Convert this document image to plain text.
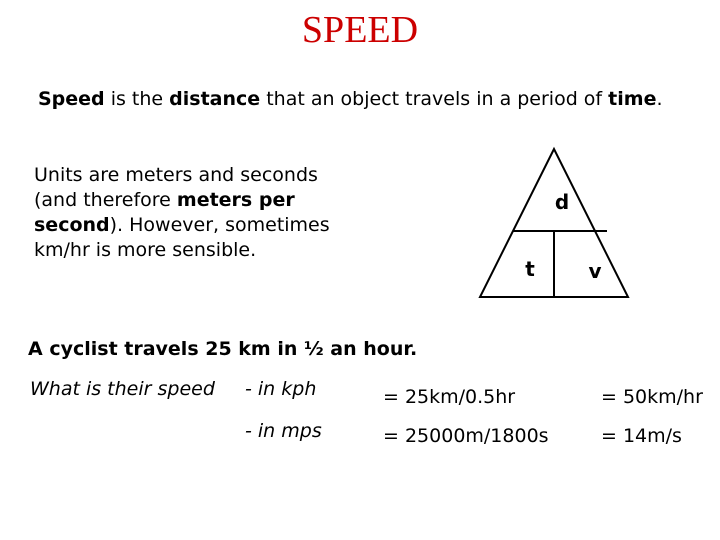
SPEED
Speed is the distance that an object travels in a period of time.
Units are meters and seconds (and therefore meters per second). However, sometimes km/hr is more sensible.
d
t	v
A cyclist travels 25 km in ½ an hour.
What is their speed - in kph	= 25km/0.5hr	= 50km/hr
- in mps	= 25000m/1800s	= 14m/s
